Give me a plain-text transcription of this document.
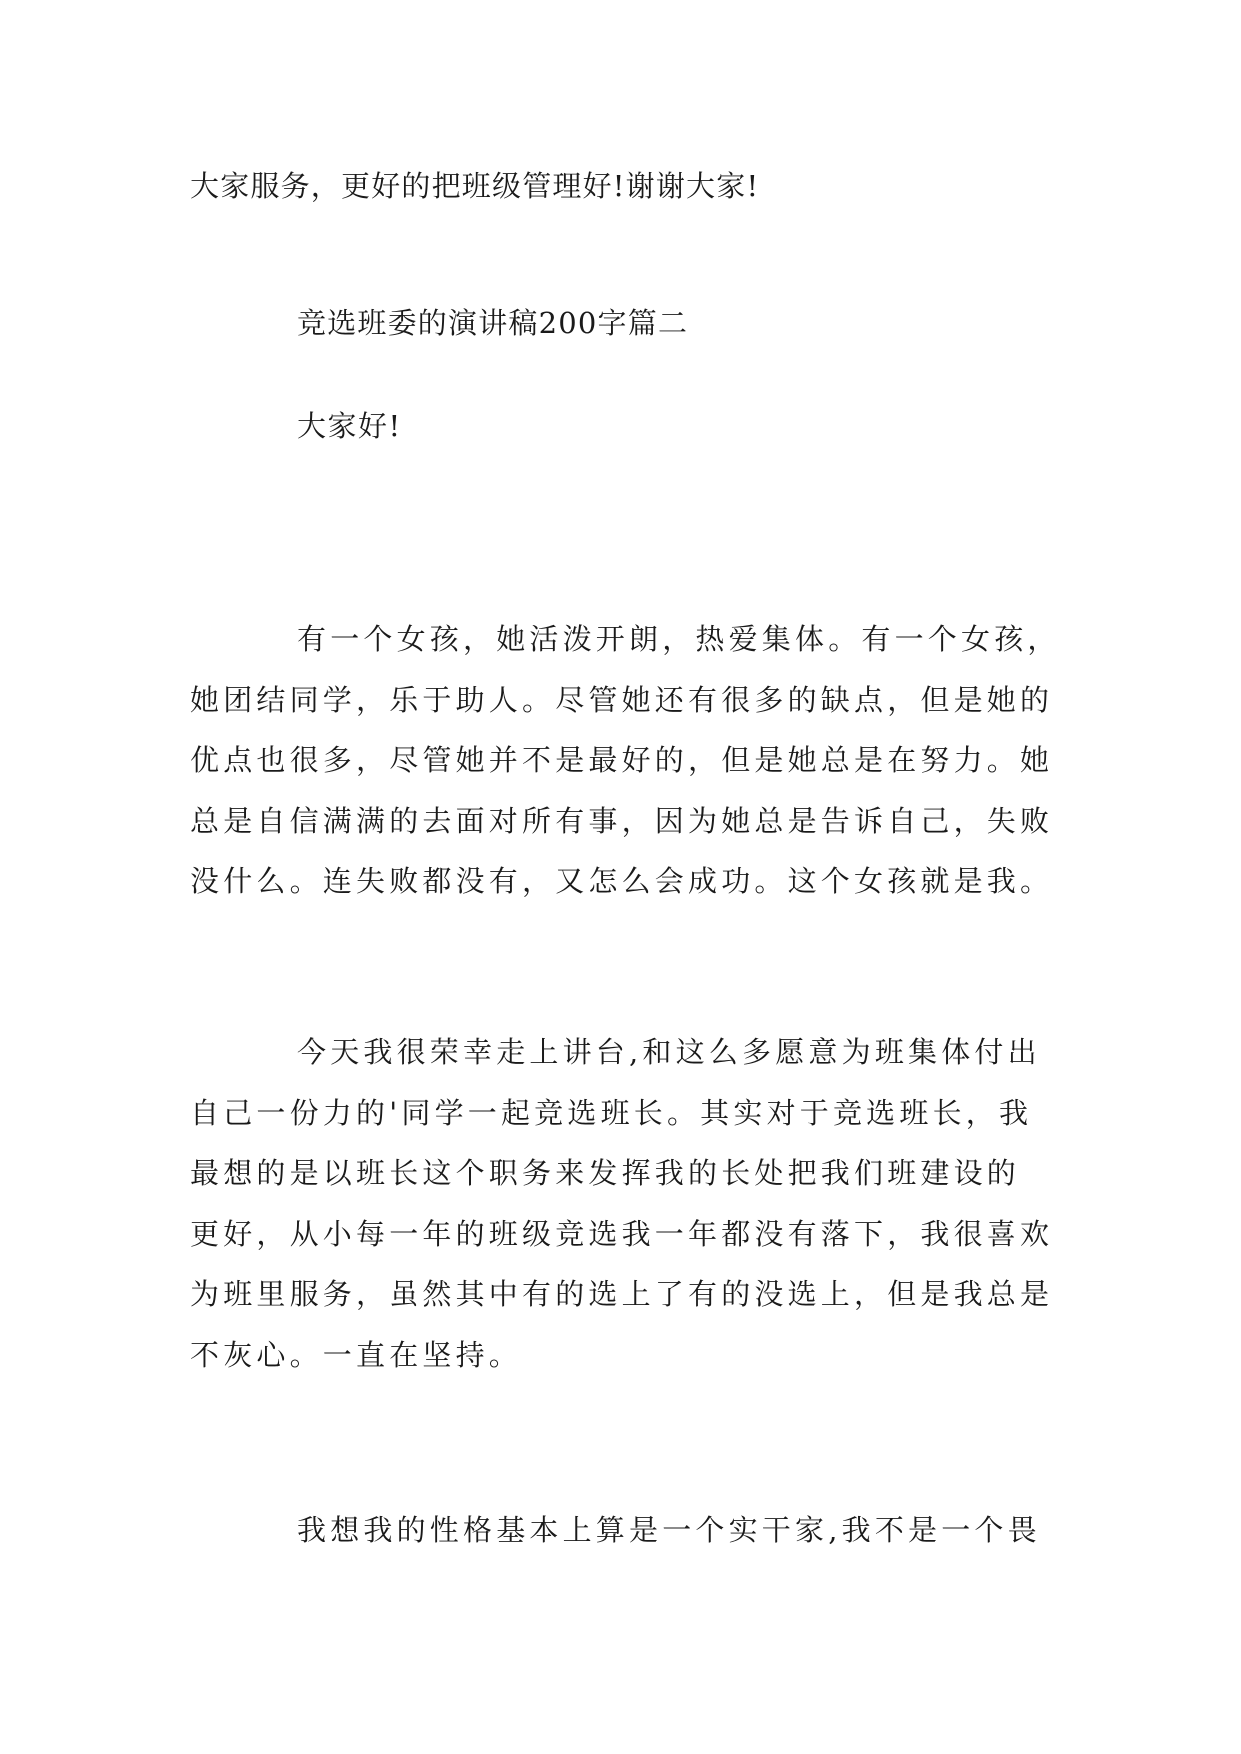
大家服务，更好的把班级管理好!谢谢大家!
竞选班委的演讲稿200字篇二
大家好!
有一个女孩，她活泼开朗，热爱集体。有一个女孩，
她团结同学，乐于助人。尽管她还有很多的缺点，但是她的
优点也很多，尽管她并不是最好的，但是她总是在努力。她
总是自信满满的去面对所有事，因为她总是告诉自己，失败
没什么。连失败都没有，又怎么会成功。这个女孩就是我。
今天我很荣幸走上讲台,和这么多愿意为班集体付出
自己一份力的'同学一起竞选班长。其实对于竞选班长，我
最想的是以班长这个职务来发挥我的长处把我们班建设的
更好，从小每一年的班级竞选我一年都没有落下，我很喜欢
为班里服务，虽然其中有的选上了有的没选上，但是我总是
不灰心。一直在坚持。
我想我的性格基本上算是一个实干家,我不是一个畏
